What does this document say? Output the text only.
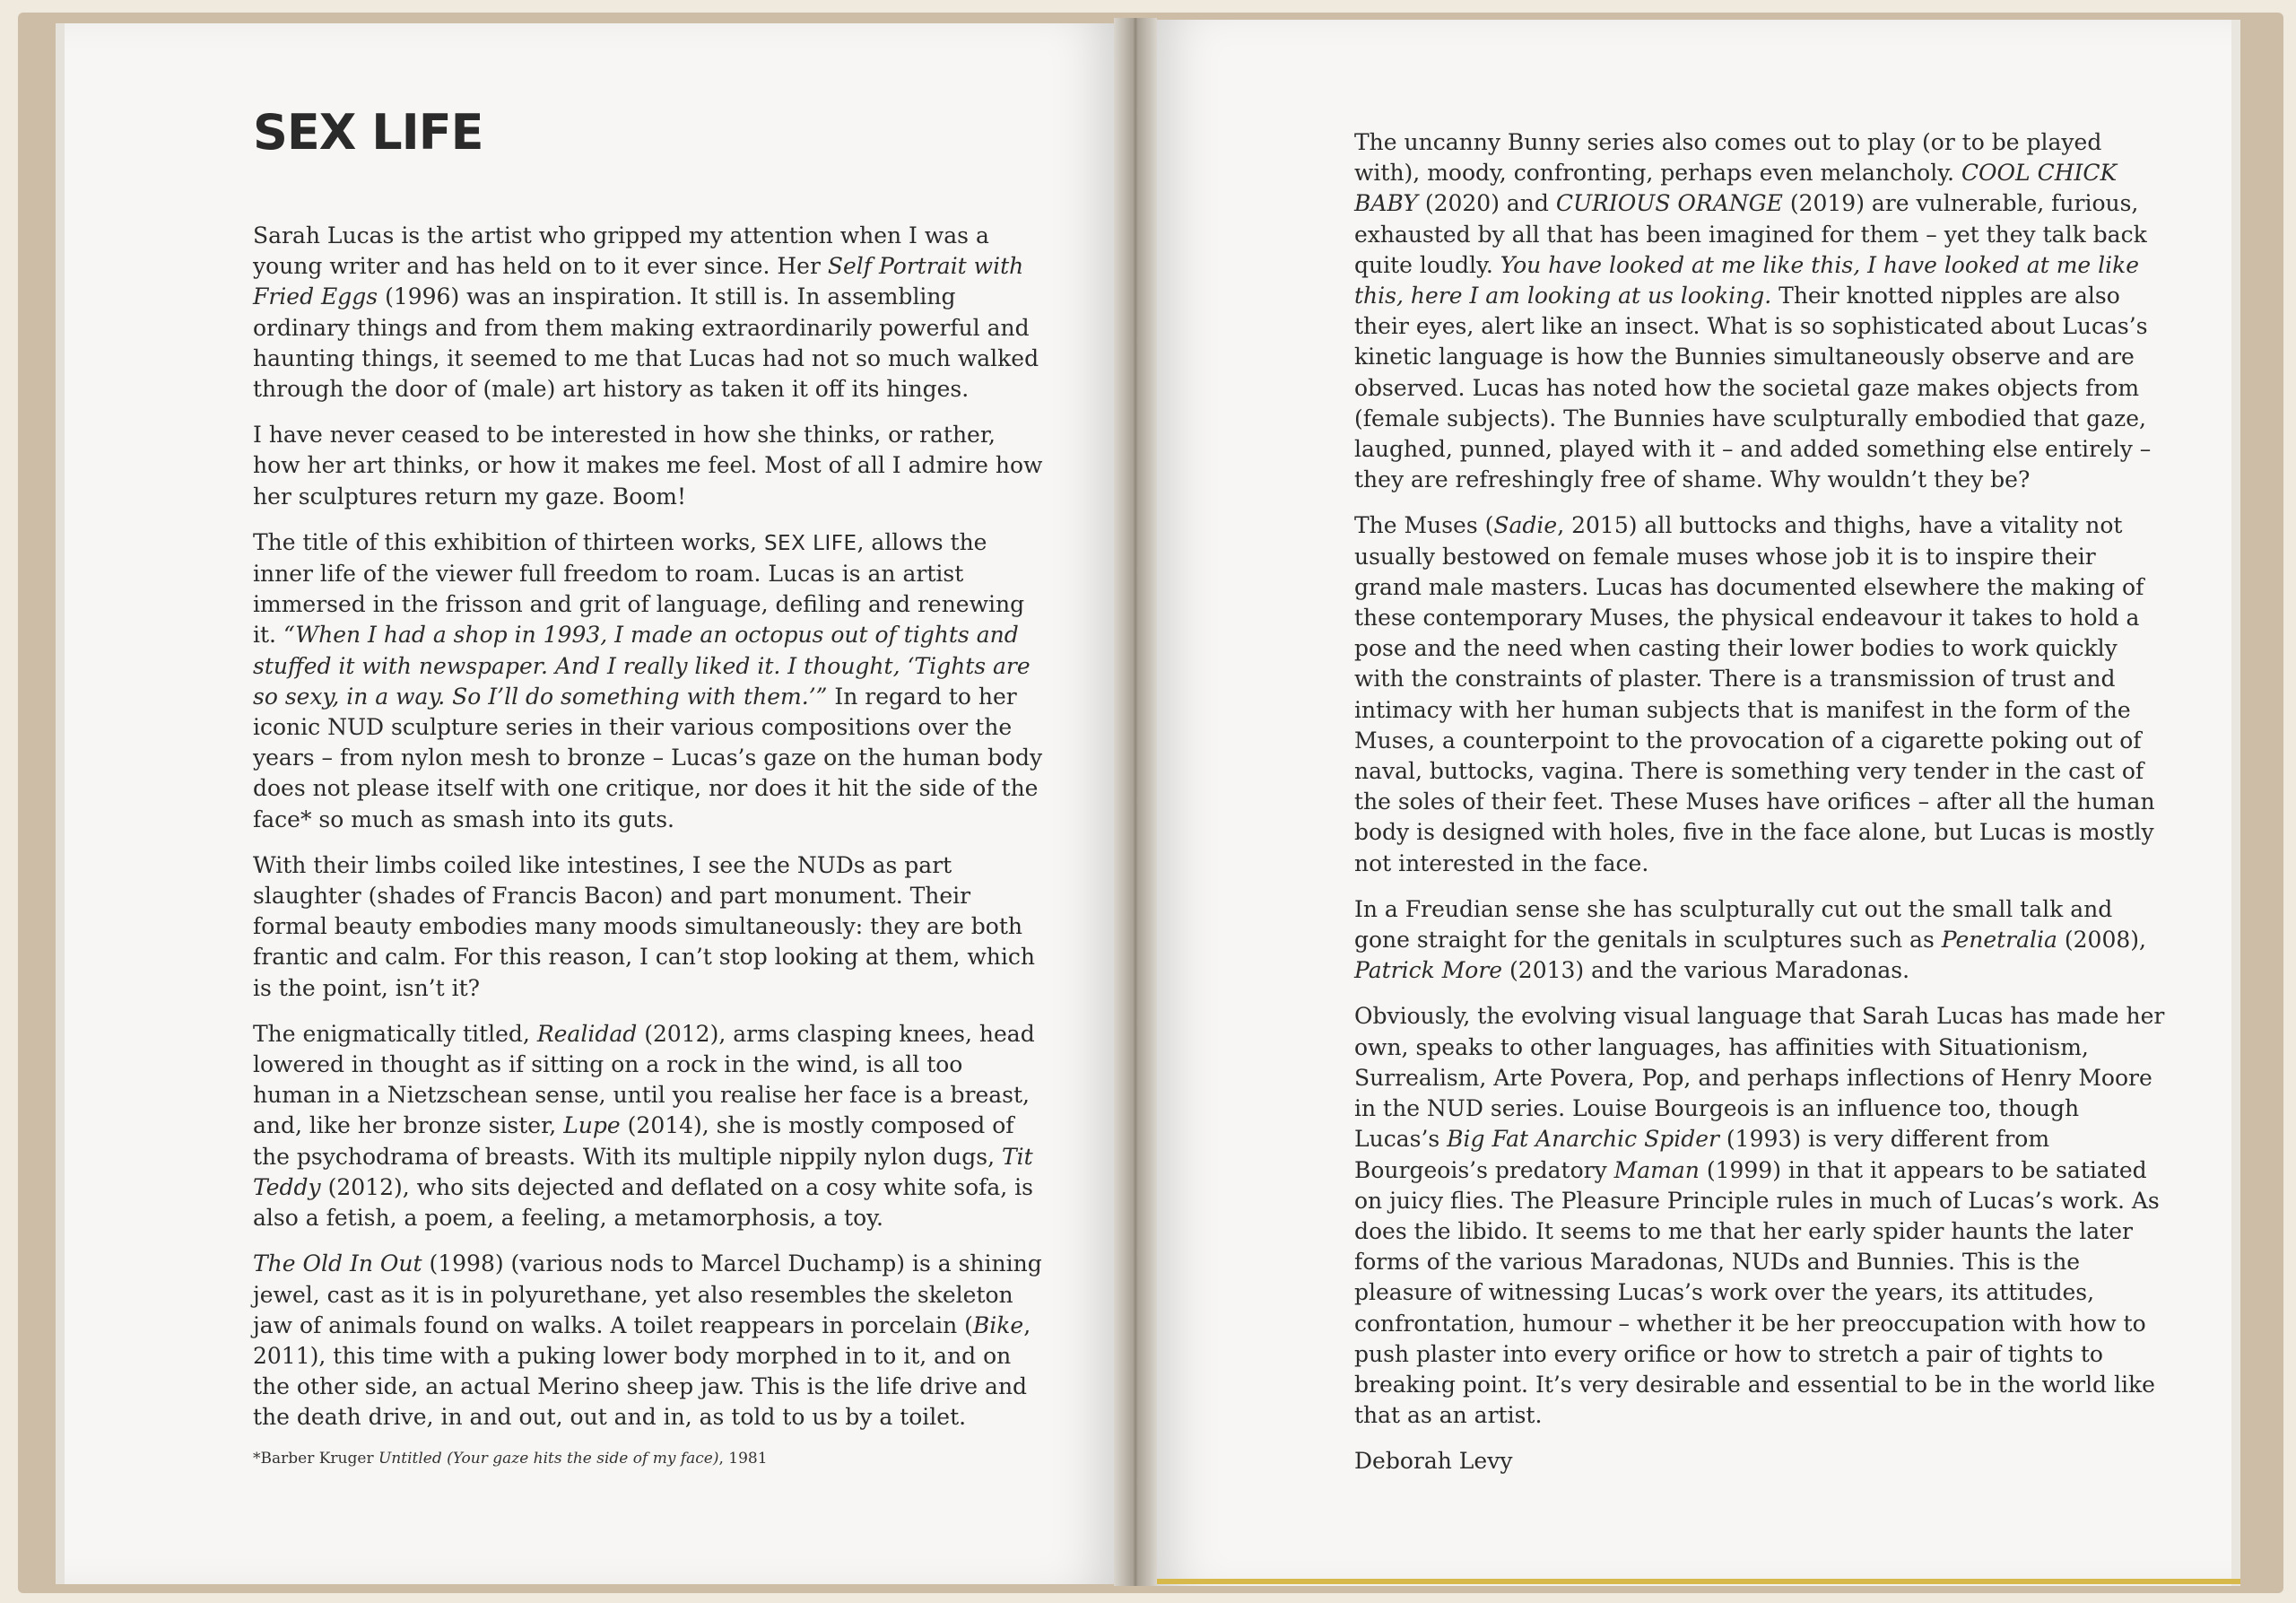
SEX LIFE

Sarah Lucas is the artist who gripped my attention when I was a young writer and has held on to it ever since. Her Self Portrait with Fried Eggs (1996) was an inspiration. It still is. In assembling ordinary things and from them making extraordinarily powerful and haunting things, it seemed to me that Lucas had not so much walked through the door of (male) art history as taken it off its hinges.

I have never ceased to be interested in how she thinks, or rather, how her art thinks, or how it makes me feel. Most of all I admire how her sculptures return my gaze. Boom!

The title of this exhibition of thirteen works, SEX LIFE, allows the inner life of the viewer full freedom to roam. Lucas is an artist immersed in the frisson and grit of language, defiling and renewing it. “When I had a shop in 1993, I made an octopus out of tights and stuffed it with newspaper. And I really liked it. I thought, ‘Tights are so sexy, in a way. So I’ll do something with them.’” In regard to her iconic NUD sculpture series in their various compositions over the years – from nylon mesh to bronze – Lucas’s gaze on the human body does not please itself with one critique, nor does it hit the side of the face* so much as smash into its guts.

With their limbs coiled like intestines, I see the NUDs as part slaughter (shades of Francis Bacon) and part monument. Their formal beauty embodies many moods simultaneously: they are both frantic and calm. For this reason, I can’t stop looking at them, which is the point, isn’t it?

The enigmatically titled, Realidad (2012), arms clasping knees, head lowered in thought as if sitting on a rock in the wind, is all too human in a Nietzschean sense, until you realise her face is a breast, and, like her bronze sister, Lupe (2014), she is mostly composed of the psychodrama of breasts. With its multiple nippily nylon dugs, Tit Teddy (2012), who sits dejected and deflated on a cosy white sofa, is also a fetish, a poem, a feeling, a metamorphosis, a toy.

The Old In Out (1998) (various nods to Marcel Duchamp) is a shining jewel, cast as it is in polyurethane, yet also resembles the skeleton jaw of animals found on walks. A toilet reappears in porcelain (Bike, 2011), this time with a puking lower body morphed in to it, and on the other side, an actual Merino sheep jaw. This is the life drive and the death drive, in and out, out and in, as told to us by a toilet.

*Barber Kruger Untitled (Your gaze hits the side of my face), 1981

The uncanny Bunny series also comes out to play (or to be played with), moody, confronting, perhaps even melancholy. COOL CHICK BABY (2020) and CURIOUS ORANGE (2019) are vulnerable, furious, exhausted by all that has been imagined for them – yet they talk back quite loudly. You have looked at me like this, I have looked at me like this, here I am looking at us looking. Their knotted nipples are also their eyes, alert like an insect. What is so sophisticated about Lucas’s kinetic language is how the Bunnies simultaneously observe and are observed. Lucas has noted how the societal gaze makes objects from (female subjects). The Bunnies have sculpturally embodied that gaze, laughed, punned, played with it – and added something else entirely – they are refreshingly free of shame. Why wouldn’t they be?

The Muses (Sadie, 2015) all buttocks and thighs, have a vitality not usually bestowed on female muses whose job it is to inspire their grand male masters. Lucas has documented elsewhere the making of these contemporary Muses, the physical endeavour it takes to hold a pose and the need when casting their lower bodies to work quickly with the constraints of plaster. There is a transmission of trust and intimacy with her human subjects that is manifest in the form of the Muses, a counterpoint to the provocation of a cigarette poking out of naval, buttocks, vagina. There is something very tender in the cast of the soles of their feet. These Muses have orifices – after all the human body is designed with holes, five in the face alone, but Lucas is mostly not interested in the face.

In a Freudian sense she has sculpturally cut out the small talk and gone straight for the genitals in sculptures such as Penetralia (2008), Patrick More (2013) and the various Maradonas.

Obviously, the evolving visual language that Sarah Lucas has made her own, speaks to other languages, has affinities with Situationism, Surrealism, Arte Povera, Pop, and perhaps inflections of Henry Moore in the NUD series. Louise Bourgeois is an influence too, though Lucas’s Big Fat Anarchic Spider (1993) is very different from Bourgeois’s predatory Maman (1999) in that it appears to be satiated on juicy flies. The Pleasure Principle rules in much of Lucas’s work. As does the libido. It seems to me that her early spider haunts the later forms of the various Maradonas, NUDs and Bunnies. This is the pleasure of witnessing Lucas’s work over the years, its attitudes, confrontation, humour – whether it be her preoccupation with how to push plaster into every orifice or how to stretch a pair of tights to breaking point. It’s very desirable and essential to be in the world like that as an artist.

Deborah Levy
